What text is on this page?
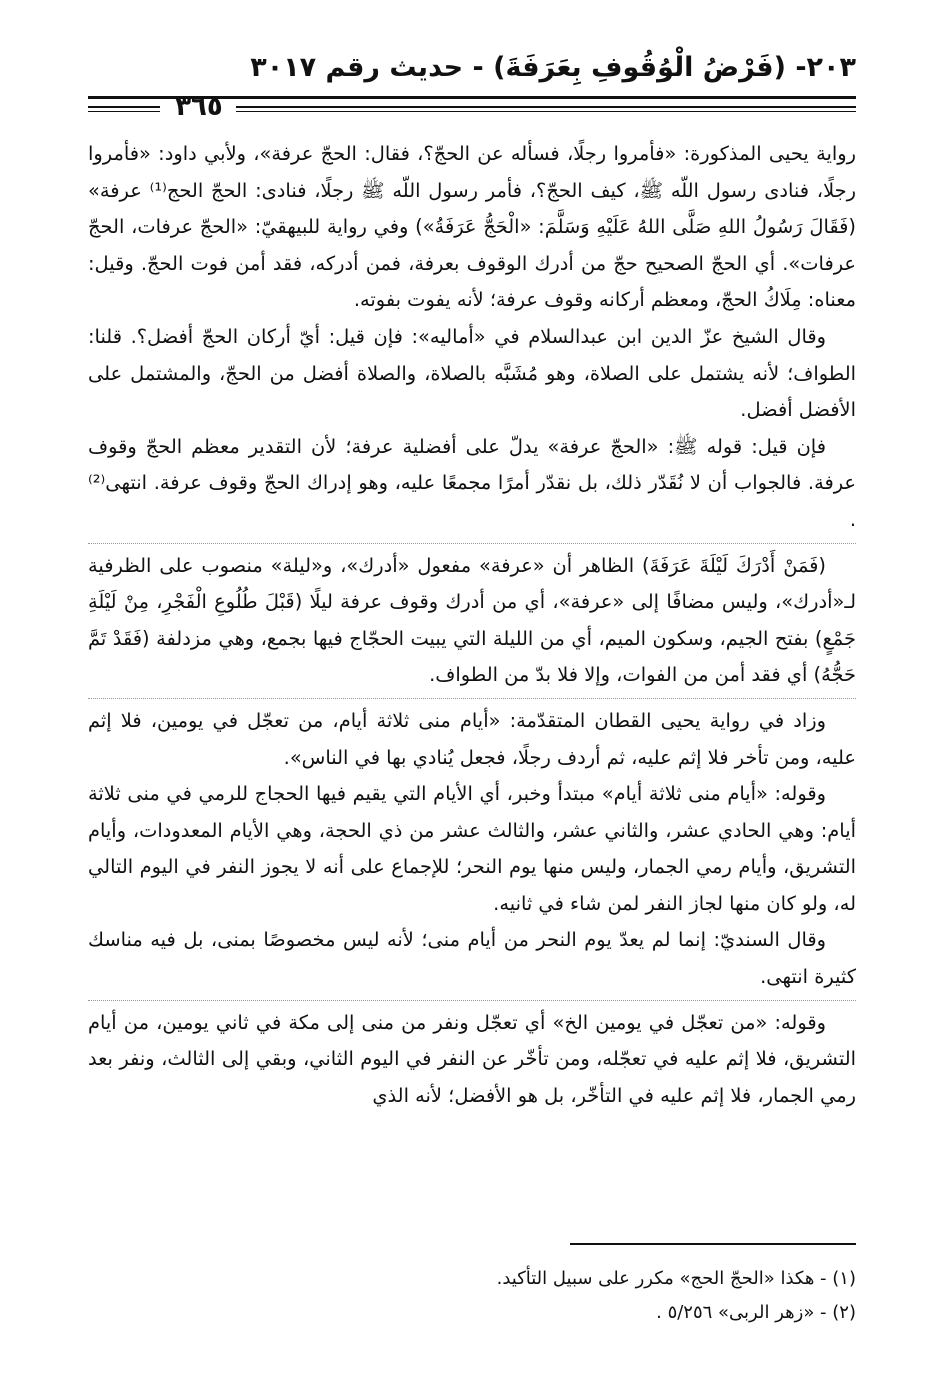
٢٠٣- (فَرْضُ الْوُقُوفِ بِعَرَفَةَ) - حديث رقم ٣٠١٧
٣٦٥

رواية يحيى المذكورة: «فأمروا رجلًا، فسأله عن الحجّ؟، فقال: الحجّ عرفة»، ولأبي داود: «فأمروا رجلًا، فنادى رسول اللّه ﷺ، كيف الحجّ؟، فأمر رسول اللّه ﷺ رجلًا، فنادى: الحجّ الحج⁽¹⁾ عرفة» (فَقَالَ رَسُولُ اللهِ صَلَّى اللهُ عَلَيْهِ وَسَلَّمَ: «الْحَجُّ عَرَفَةُ») وفي رواية للبيهقيّ: «الحجّ عرفات، الحجّ عرفات». أي الحجّ الصحيح حجّ من أدرك الوقوف بعرفة، فمن أدركه، فقد أمن فوت الحجّ. وقيل: معناه: مِلَاكُ الحجّ، ومعظم أركانه وقوف عرفة؛ لأنه يفوت بفوته.

وقال الشيخ عزّ الدين ابن عبدالسلام في «أماليه»: فإن قيل: أيّ أركان الحجّ أفضل؟. قلنا: الطواف؛ لأنه يشتمل على الصلاة، وهو مُشَبَّه بالصلاة، والصلاة أفضل من الحجّ، والمشتمل على الأفضل أفضل.

فإن قيل: قوله ﷺ: «الحجّ عرفة» يدلّ على أفضلية عرفة؛ لأن التقدير معظم الحجّ وقوف عرفة. فالجواب أن لا نُقَدّر ذلك، بل نقدّر أمرًا مجمعًا عليه، وهو إدراك الحجّ وقوف عرفة. انتهى⁽²⁾ .

(فَمَنْ أَدْرَكَ لَيْلَةَ عَرَفَةَ) الظاهر أن «عرفة» مفعول «أدرك»، و«ليلة» منصوب على الظرفية لـ«أدرك»، وليس مضافًا إلى «عرفة»، أي من أدرك وقوف عرفة ليلًا (قَبْلَ طُلُوعِ الْفَجْرِ، مِنْ لَيْلَةِ جَمْعٍ) بفتح الجيم، وسكون الميم، أي من الليلة التي يبيت الحجّاج فيها بجمع، وهي مزدلفة (فَقَدْ تَمَّ حَجُّهُ) أي فقد أمن من الفوات، وإلا فلا بدّ من الطواف.

وزاد في رواية يحيى القطان المتقدّمة: «أيام منى ثلاثة أيام، من تعجّل في يومين، فلا إثم عليه، ومن تأخر فلا إثم عليه، ثم أردف رجلًا، فجعل يُنادي بها في الناس».

وقوله: «أيام منى ثلاثة أيام» مبتدأ وخبر، أي الأيام التي يقيم فيها الحجاج للرمي في منى ثلاثة أيام: وهي الحادي عشر، والثاني عشر، والثالث عشر من ذي الحجة، وهي الأيام المعدودات، وأيام التشريق، وأيام رمي الجمار، وليس منها يوم النحر؛ للإجماع على أنه لا يجوز النفر في اليوم التالي له، ولو كان منها لجاز النفر لمن شاء في ثانيه.

وقال السنديّ: إنما لم يعدّ يوم النحر من أيام منى؛ لأنه ليس مخصوصًا بمنى، بل فيه مناسك كثيرة انتهى.

وقوله: «من تعجّل في يومين الخ» أي تعجّل ونفر من منى إلى مكة في ثاني يومين، من أيام التشريق، فلا إثم عليه في تعجّله، ومن تأخّر عن النفر في اليوم الثاني، وبقي إلى الثالث، ونفر بعد رمي الجمار، فلا إثم عليه في التأخّر، بل هو الأفضل؛ لأنه الذي

(١) - هكذا «الحجّ الحج» مكرر على سبيل التأكيد.
(٢) - «زهر الربى» ٥/٢٥٦ .
